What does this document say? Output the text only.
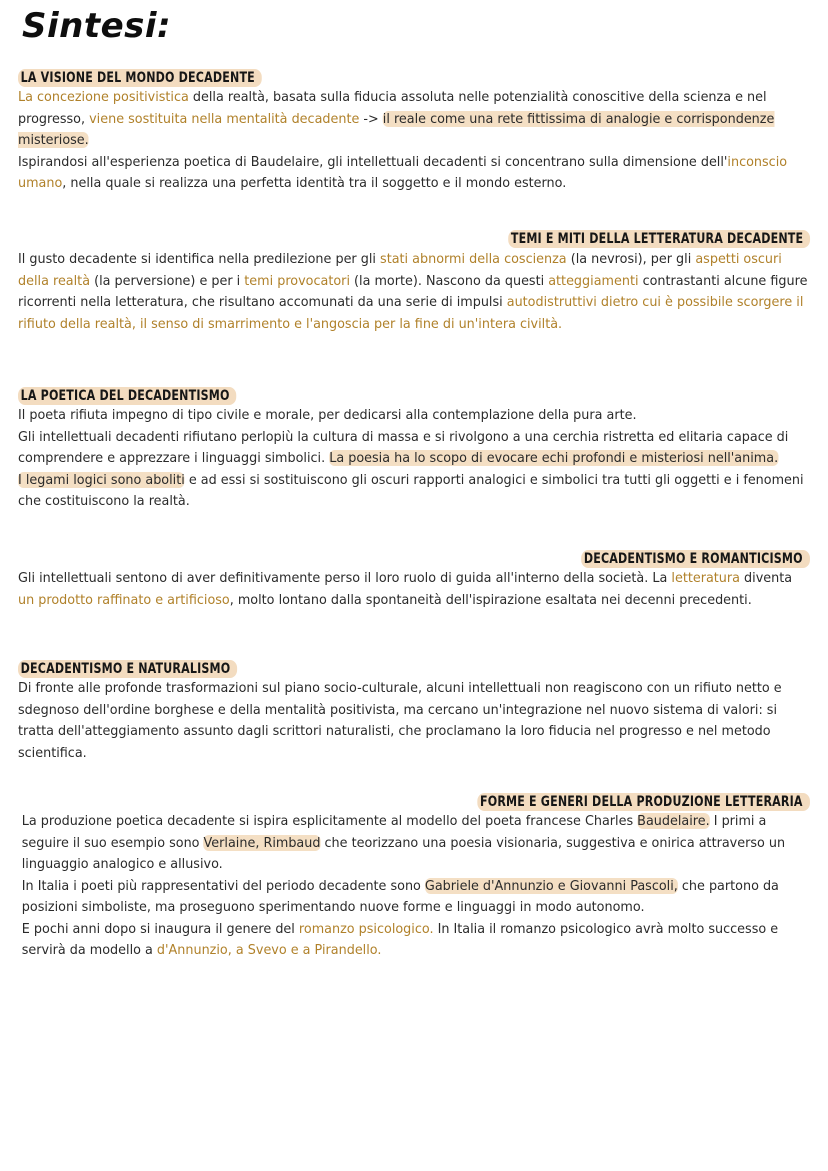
Sintesi:
LA VISIONE DEL MONDO DECADENTE

La concezione positivistica della realtà, basata sulla fiducia assoluta nelle potenzialità conoscitive della scienza e nel progresso, viene sostituita nella mentalità decadente -> il reale come una rete fittissima di analogie e corrispondenze misteriose.

Ispirandosi all'esperienza poetica di Baudelaire, gli intellettuali decadenti si concentrano sulla dimensione dell'inconscio umano, nella quale si realizza una perfetta identità tra il soggetto e il mondo esterno.

TEMI E MITI DELLA LETTERATURA DECADENTE

Il gusto decadente si identifica nella predilezione per gli stati abnormi della coscienza (la nevrosi), per gli aspetti oscuri della realtà (la perversione) e per i temi provocatori (la morte). Nascono da questi atteggiamenti contrastanti alcune figure ricorrenti nella letteratura, che risultano accomunati da una serie di impulsi autodistruttivi dietro cui è possibile scorgere il rifiuto della realtà, il senso di smarrimento e l'angoscia per la fine di un'intera civiltà.

LA POETICA DEL DECADENTISMO

Il poeta rifiuta impegno di tipo civile e morale, per dedicarsi alla contemplazione della pura arte.

Gli intellettuali decadenti rifiutano perlopiù la cultura di massa e si rivolgono a una cerchia ristretta ed elitaria capace di comprendere e apprezzare i linguaggi simbolici. La poesia ha lo scopo di evocare echi profondi e misteriosi nell'anima.

I legami logici sono aboliti e ad essi si sostituiscono gli oscuri rapporti analogici e simbolici tra tutti gli oggetti e i fenomeni che costituiscono la realtà.

DECADENTISMO E ROMANTICISMO

Gli intellettuali sentono di aver definitivamente perso il loro ruolo di guida all'interno della società. La letteratura diventa un prodotto raffinato e artificioso, molto lontano dalla spontaneità dell'ispirazione esaltata nei decenni precedenti.

DECADENTISMO E NATURALISMO

Di fronte alle profonde trasformazioni sul piano socio-culturale, alcuni intellettuali non reagiscono con un rifiuto netto e sdegnoso dell'ordine borghese e della mentalità positivista, ma cercano un'integrazione nel nuovo sistema di valori: si tratta dell'atteggiamento assunto dagli scrittori naturalisti, che proclamano la loro fiducia nel progresso e nel metodo scientifica.

FORME E GENERI DELLA PRODUZIONE LETTERARIA

La produzione poetica decadente si ispira esplicitamente al modello del poeta francese Charles Baudelaire. I primi a seguire il suo esempio sono Verlaine, Rimbaud che teorizzano una poesia visionaria, suggestiva e onirica attraverso un linguaggio analogico e allusivo.

In Italia i poeti più rappresentativi del periodo decadente sono Gabriele d'Annunzio e Giovanni Pascoli, che partono da posizioni simboliste, ma proseguono sperimentando nuove forme e linguaggi in modo autonomo.

E pochi anni dopo si inaugura il genere del romanzo psicologico. In Italia il romanzo psicologico avrà molto successo e servirà da modello a d'Annunzio, a Svevo e a Pirandello.
